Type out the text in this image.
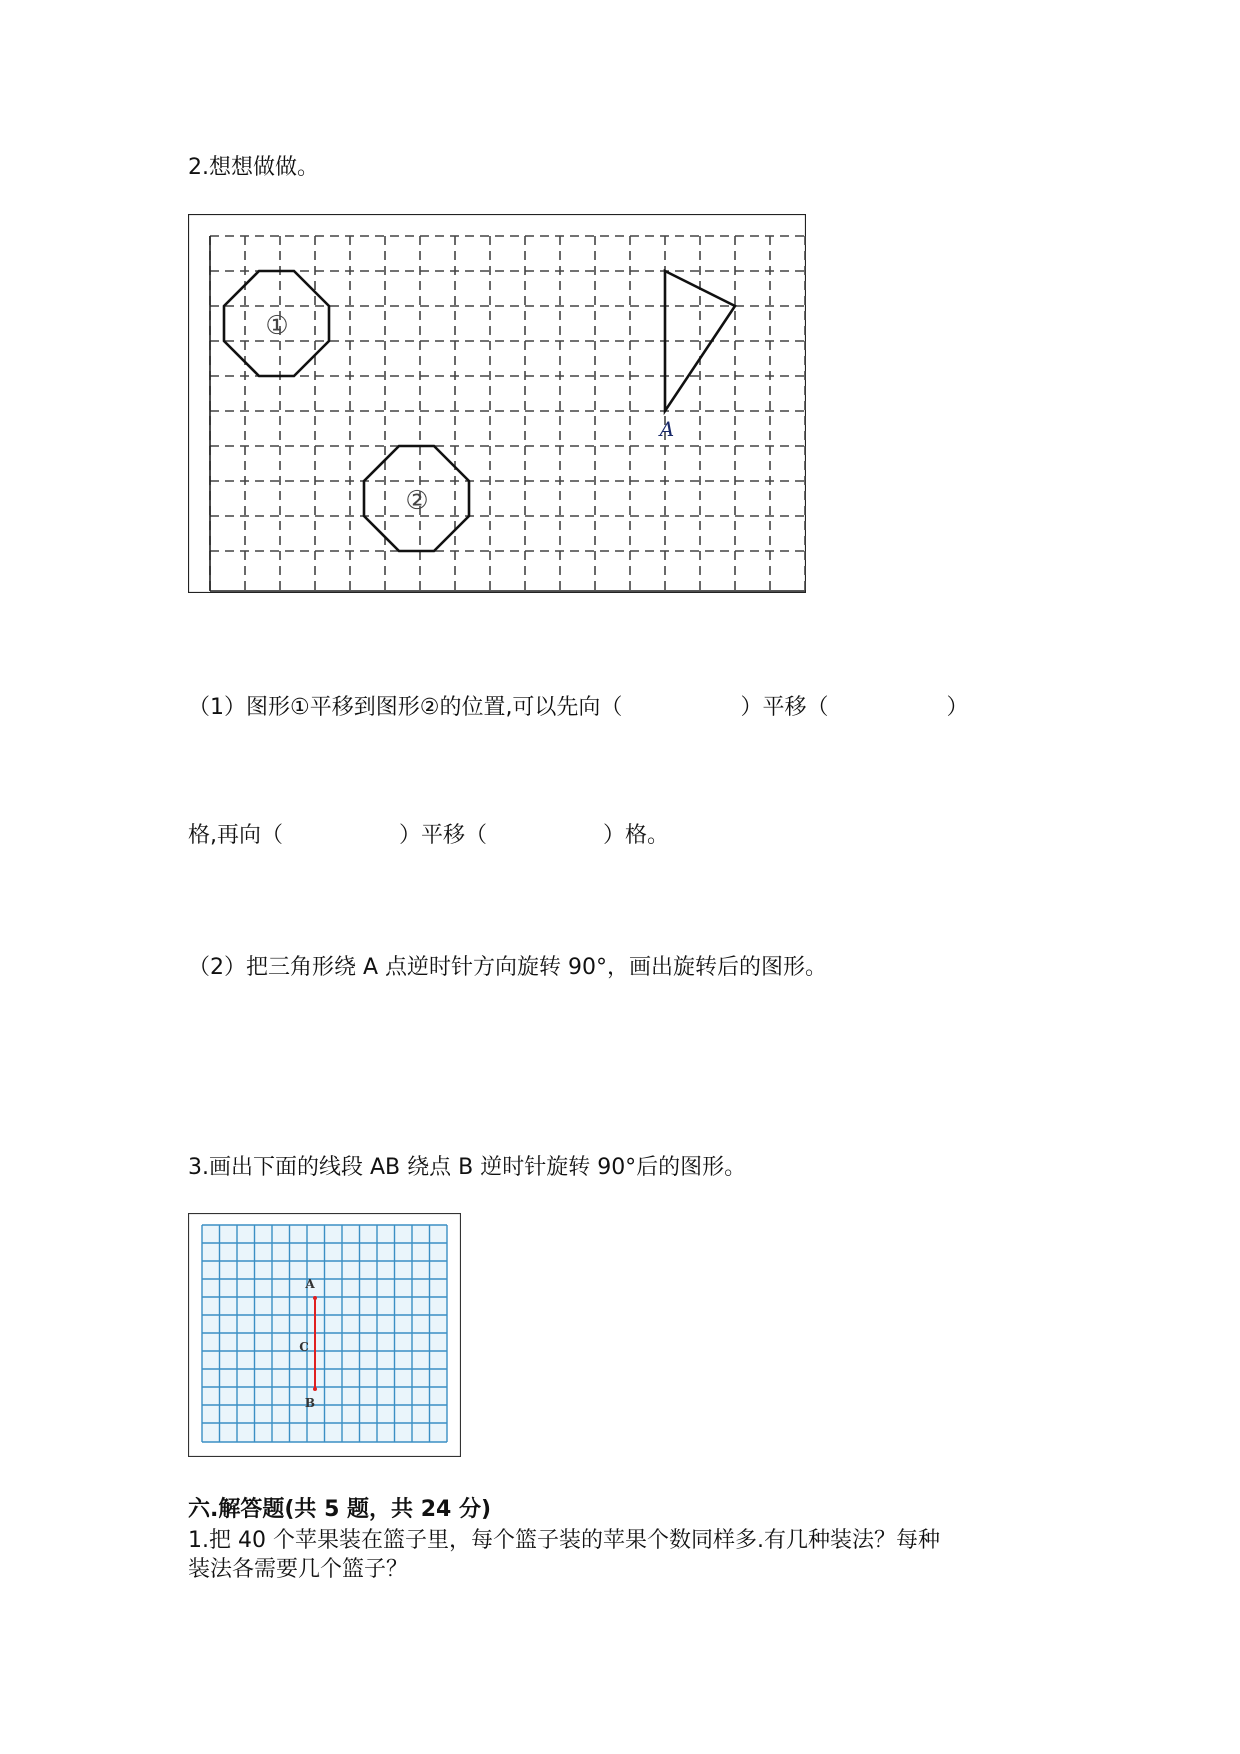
2.想想做做。
①
②
A
（1）图形①平移到图形②的位置,可以先向（	）平移（	）
格,再向（	）平移（	）格。
（2）把三角形绕 A 点逆时针方向旋转 90°，画出旋转后的图形。
3.画出下面的线段 AB 绕点 B 逆时针旋转 90°后的图形。
A
C
B
六.解答题(共 5 题，共 24 分)
1.把 40 个苹果装在篮子里，每个篮子装的苹果个数同样多.有几种装法？每种
装法各需要几个篮子？
